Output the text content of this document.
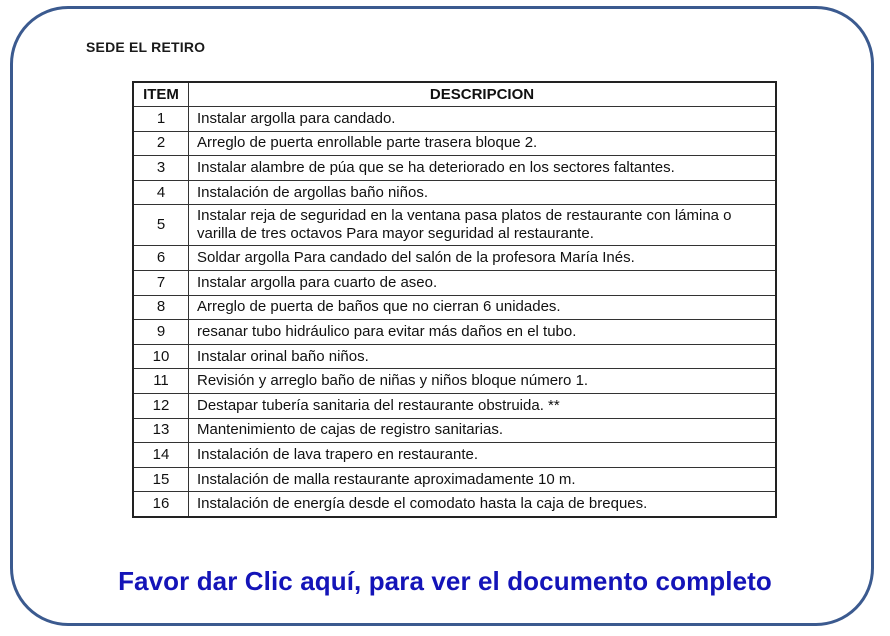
SEDE EL RETIRO
ITEM	DESCRIPCION
1	Instalar argolla para candado.
2	Arreglo de puerta enrollable parte trasera bloque 2.
3	Instalar alambre de púa que se ha deteriorado en los sectores faltantes.
4	Instalación de argollas baño niños.
5	Instalar reja de seguridad en la ventana pasa platos de restaurante con lámina o varilla de tres octavos Para mayor seguridad al restaurante.
6	Soldar argolla Para candado del salón de la profesora María Inés.
7	Instalar argolla para cuarto de aseo.
8	Arreglo de puerta de baños que no cierran 6 unidades.
9	resanar tubo hidráulico para evitar más daños en el tubo.
10	Instalar orinal baño niños.
11	Revisión y arreglo baño de niñas y niños bloque número 1.
12	Destapar tubería sanitaria del restaurante obstruida. **
13	Mantenimiento de cajas de registro sanitarias.
14	Instalación de lava trapero en restaurante.
15	Instalación de malla restaurante aproximadamente 10 m.
16	Instalación de energía desde el comodato hasta la caja de breques.
Favor dar Clic aquí, para ver el documento completo
